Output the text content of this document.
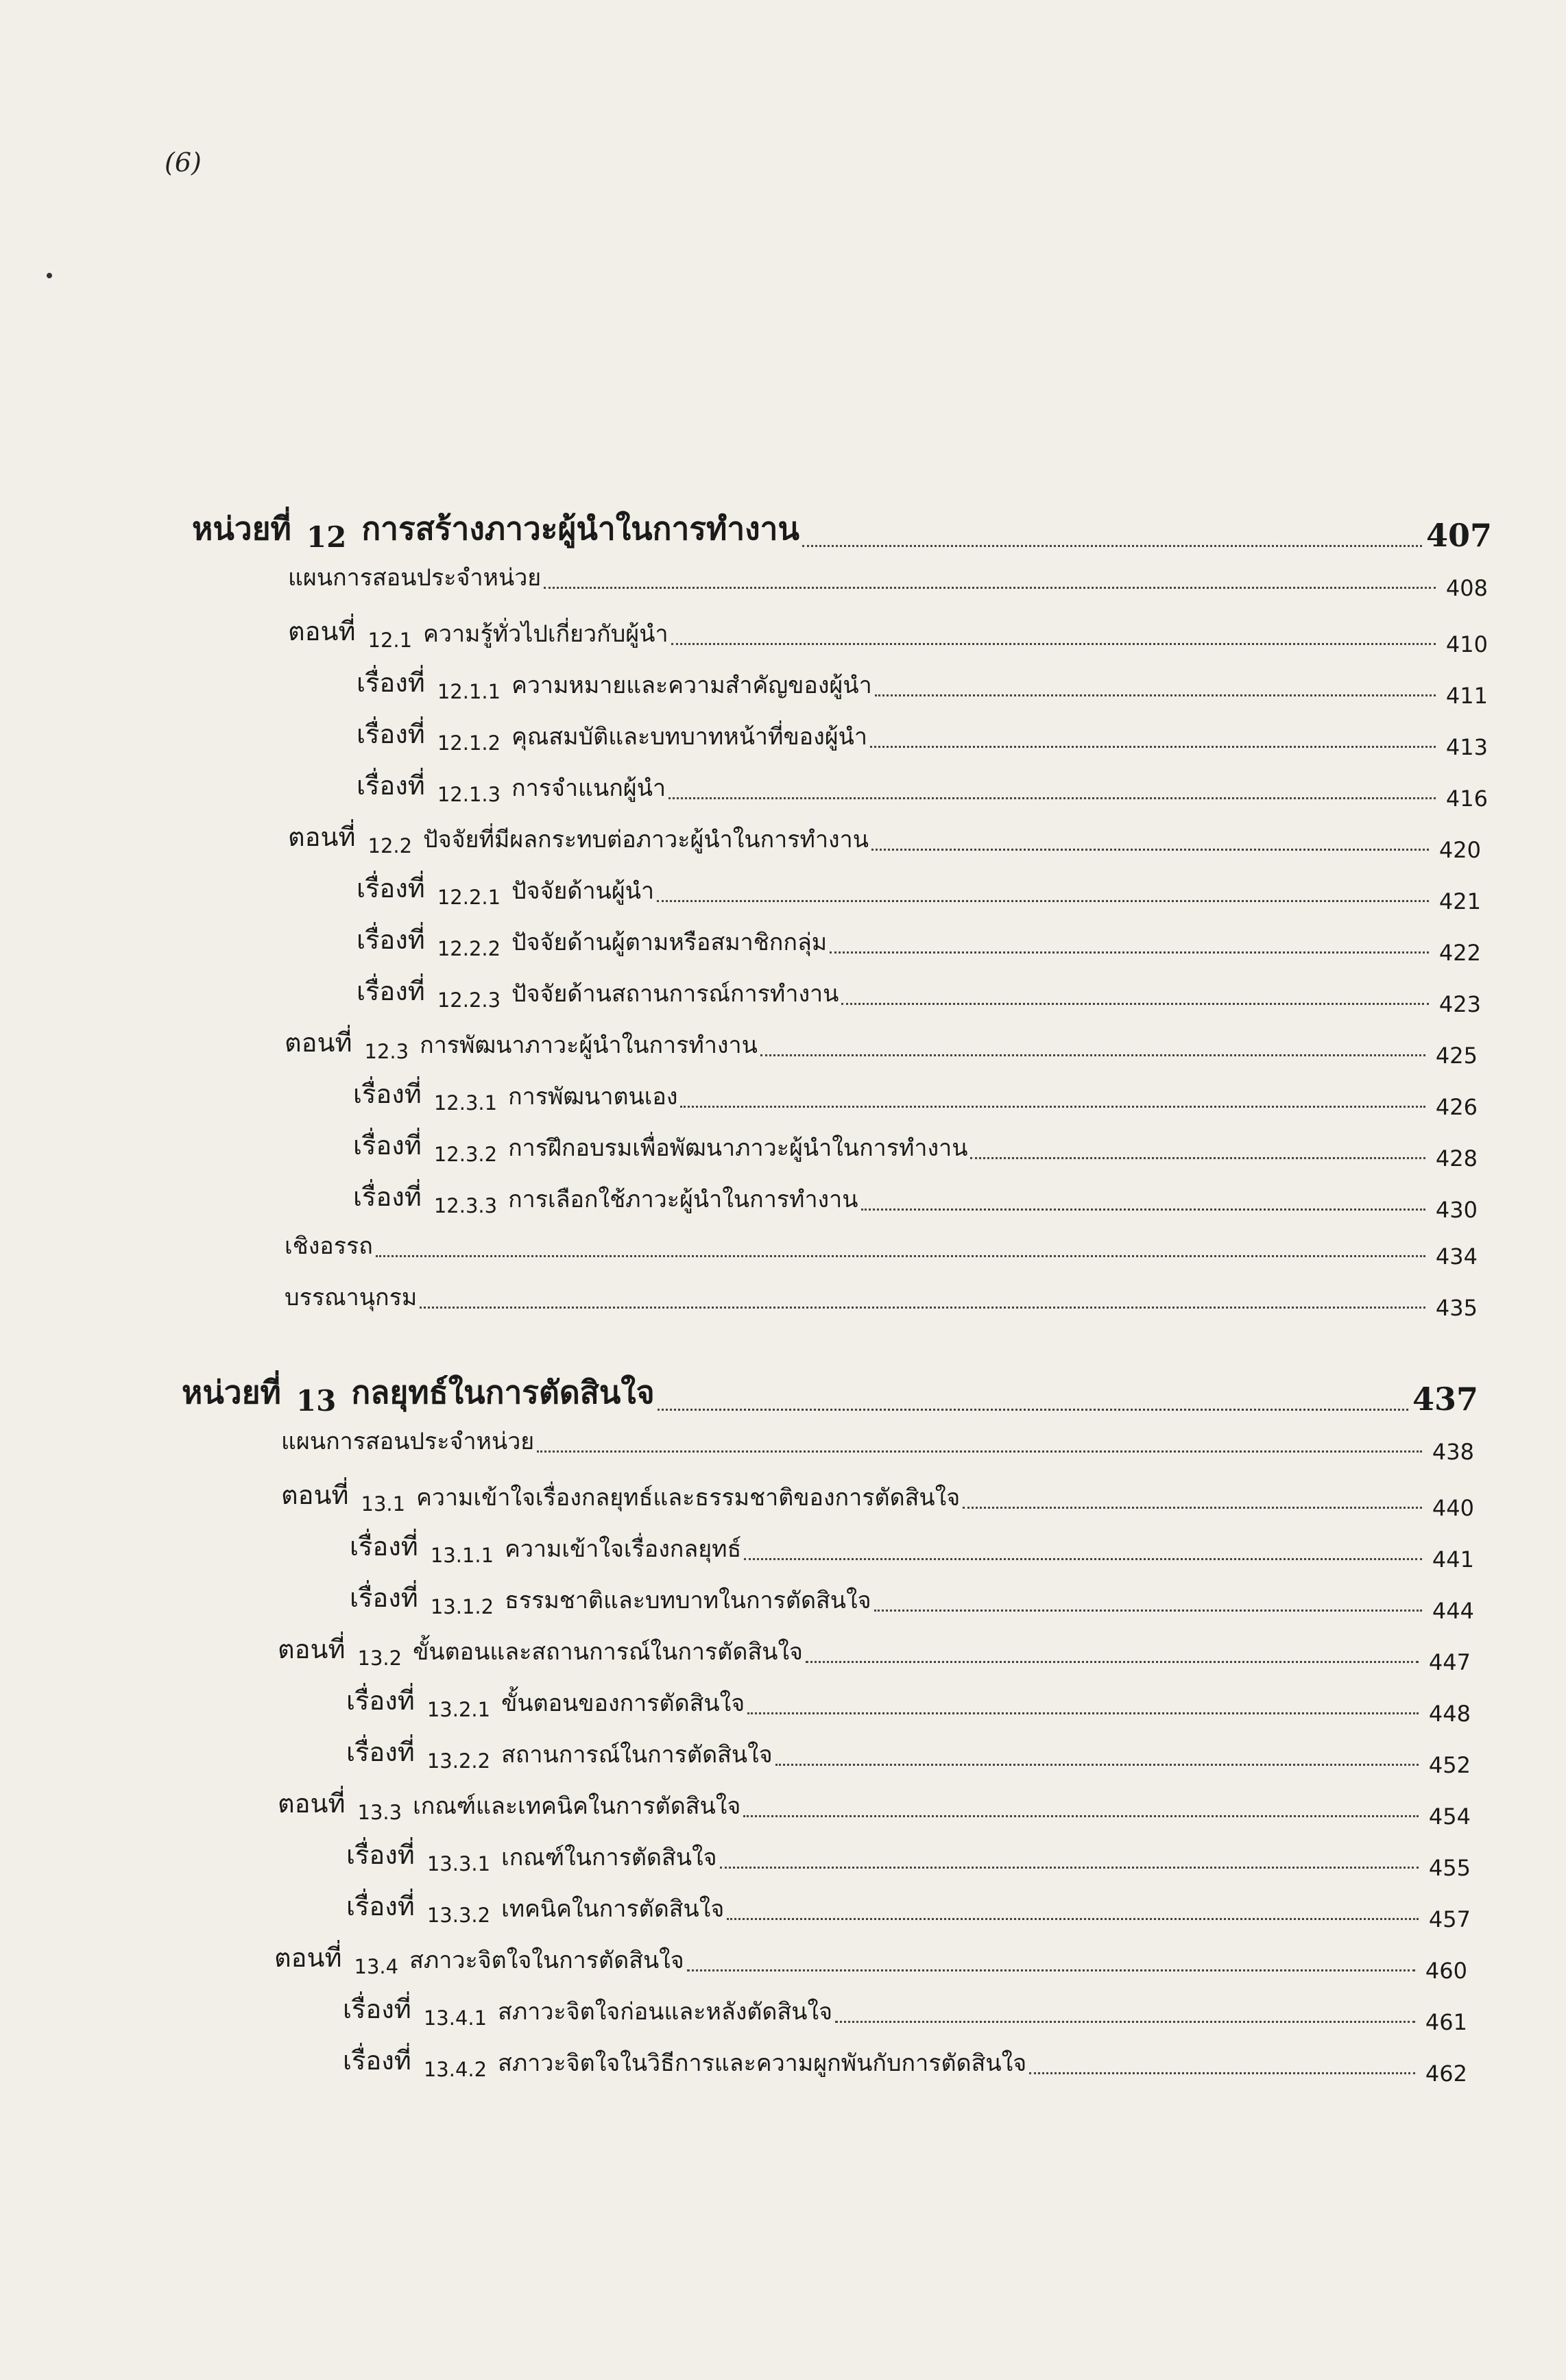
(6)
หน่วยที่ 12 การสร้างภาวะผู้นำในการทำงาน	407
แผนการสอนประจำหน่วย	408
ตอนที่ 12.1 ความรู้ทั่วไปเกี่ยวกับผู้นำ	410
เรื่องที่ 12.1.1 ความหมายและความสำคัญของผู้นำ	411
เรื่องที่ 12.1.2 คุณสมบัติและบทบาทหน้าที่ของผู้นำ	413
เรื่องที่ 12.1.3 การจำแนกผู้นำ	416
ตอนที่ 12.2 ปัจจัยที่มีผลกระทบต่อภาวะผู้นำในการทำงาน	420
เรื่องที่ 12.2.1 ปัจจัยด้านผู้นำ	421
เรื่องที่ 12.2.2 ปัจจัยด้านผู้ตามหรือสมาชิกกลุ่ม	422
เรื่องที่ 12.2.3 ปัจจัยด้านสถานการณ์การทำงาน	423
ตอนที่ 12.3 การพัฒนาภาวะผู้นำในการทำงาน	425
เรื่องที่ 12.3.1 การพัฒนาตนเอง	426
เรื่องที่ 12.3.2 การฝึกอบรมเพื่อพัฒนาภาวะผู้นำในการทำงาน	428
เรื่องที่ 12.3.3 การเลือกใช้ภาวะผู้นำในการทำงาน	430
เชิงอรรถ	434
บรรณานุกรม	435
หน่วยที่ 13 กลยุทธ์ในการตัดสินใจ	437
แผนการสอนประจำหน่วย	438
ตอนที่ 13.1 ความเข้าใจเรื่องกลยุทธ์และธรรมชาติของการตัดสินใจ	440
เรื่องที่ 13.1.1 ความเข้าใจเรื่องกลยุทธ์	441
เรื่องที่ 13.1.2 ธรรมชาติและบทบาทในการตัดสินใจ	444
ตอนที่ 13.2 ขั้นตอนและสถานการณ์ในการตัดสินใจ	447
เรื่องที่ 13.2.1 ขั้นตอนของการตัดสินใจ	448
เรื่องที่ 13.2.2 สถานการณ์ในการตัดสินใจ	452
ตอนที่ 13.3 เกณฑ์และเทคนิคในการตัดสินใจ	454
เรื่องที่ 13.3.1 เกณฑ์ในการตัดสินใจ	455
เรื่องที่ 13.3.2 เทคนิคในการตัดสินใจ	457
ตอนที่ 13.4 สภาวะจิตใจในการตัดสินใจ	460
เรื่องที่ 13.4.1 สภาวะจิตใจก่อนและหลังตัดสินใจ	461
เรื่องที่ 13.4.2 สภาวะจิตใจในวิธีการและความผูกพันกับการตัดสินใจ	462
